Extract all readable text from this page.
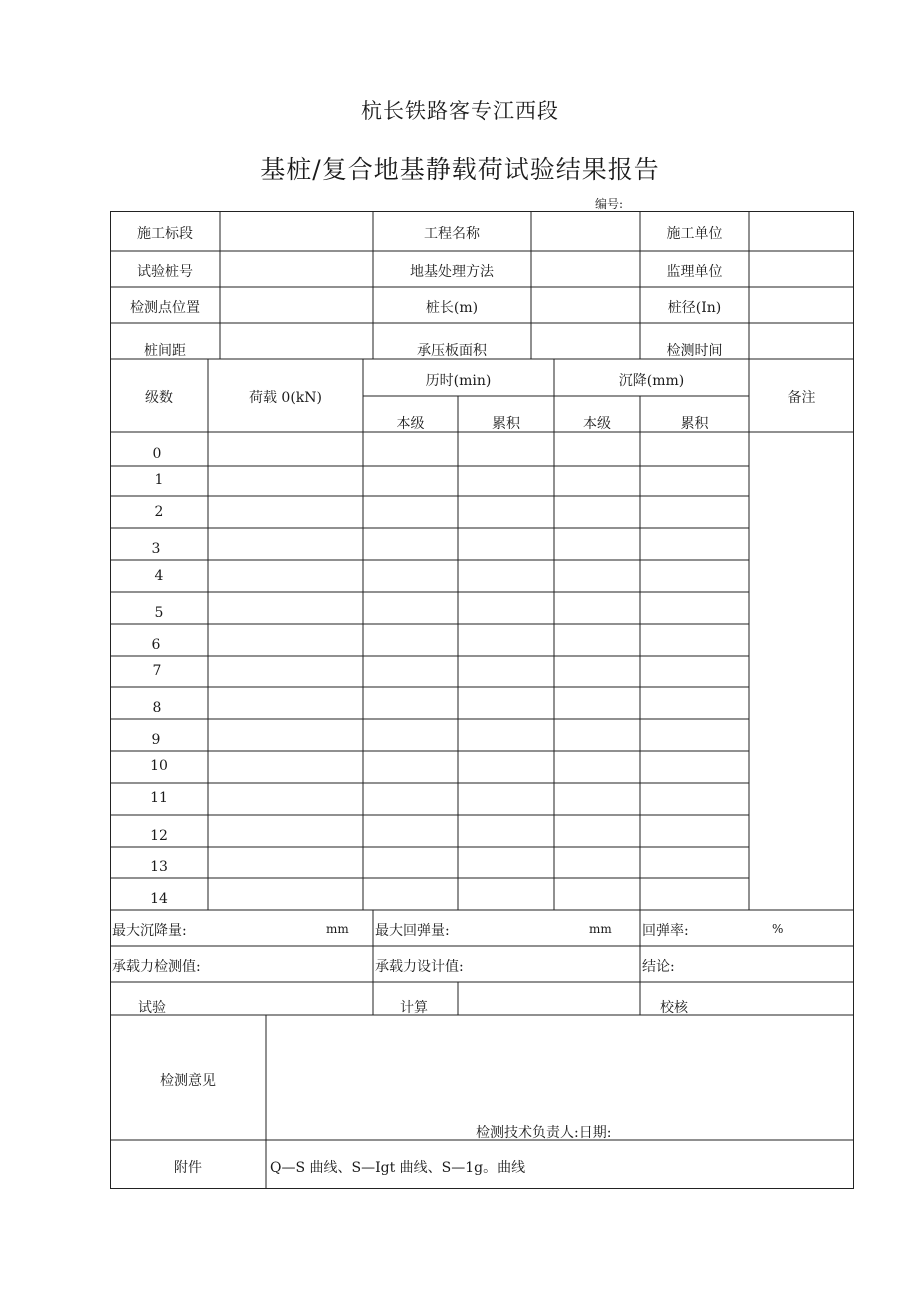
杭长铁路客专江西段
基桩/复合地基静载荷试验结果报告
编号:
施工标段	工程名称	施工单位
试验桩号	地基处理方法	监理单位
检测点位置	桩长(m)	桩径(In)
桩间距	承压板面积	检测时间
级数	荷载 0(kN)
历时(min)	沉降(mm)
备注
本级	累积	本级	累积
0
1
2
3
4
5
6
7
8
9
10
11
12
13
14
最大沉降量:	mm 最大回弹量:	mm 回弹率:	%
承载力检测值:	承载力设计值:	结论:
试验	计算	校核
检测意见
检测技术负责人:日期:
附件	Q—S 曲线、S—Igt 曲线、S—1g。曲线
